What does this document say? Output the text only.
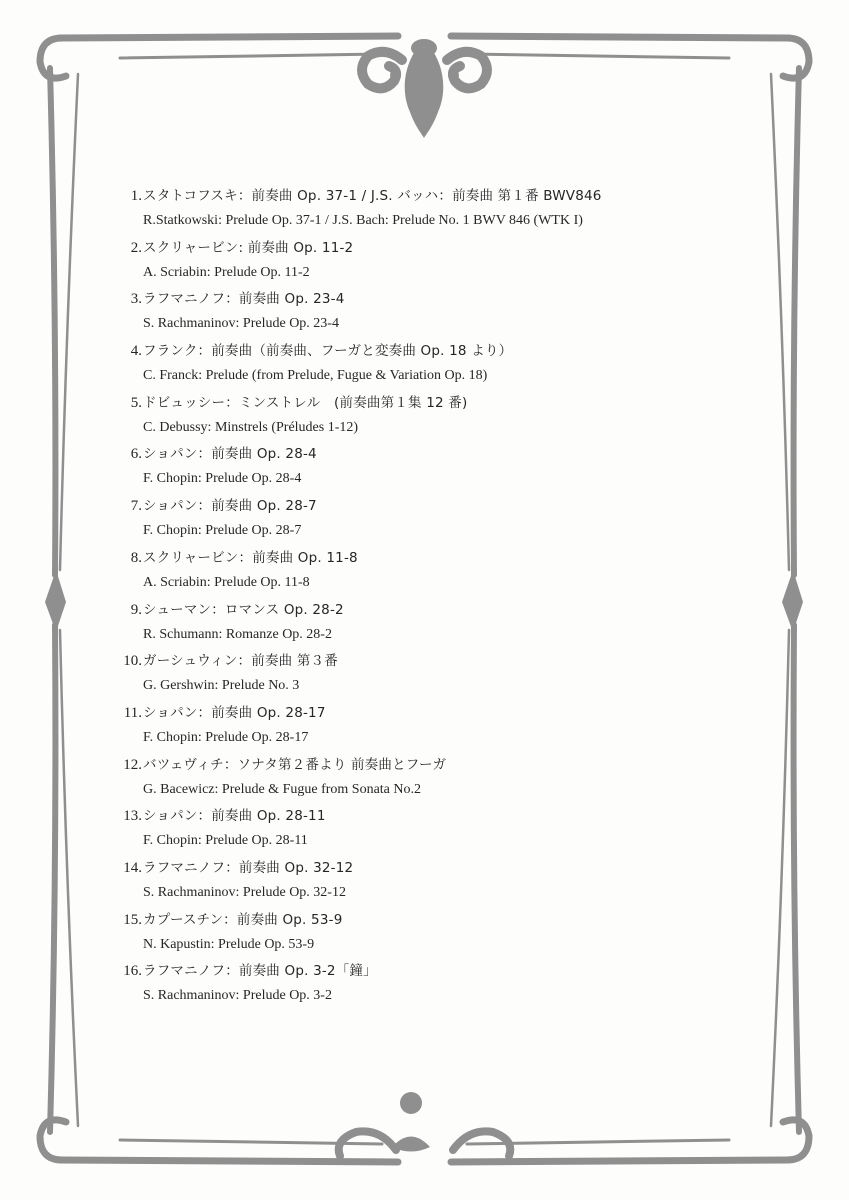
1. スタトコフスキ：前奏曲 Op. 37-1 / J.S. バッハ：前奏曲 第１番 BWV846
R.Statkowski: Prelude Op. 37-1 / J.S. Bach: Prelude No. 1 BWV 846 (WTK I)
2. スクリャービン: 前奏曲 Op. 11-2
A. Scriabin: Prelude Op. 11-2
3. ラフマニノフ：前奏曲 Op. 23-4
S. Rachmaninov: Prelude Op. 23-4
4. フランク：前奏曲（前奏曲、フーガと変奏曲 Op. 18 より）
C. Franck: Prelude (from Prelude, Fugue & Variation Op. 18)
5. ドビュッシー：ミンストレル　(前奏曲第１集 12 番)
C. Debussy: Minstrels (Préludes 1-12)
6. ショパン：前奏曲 Op. 28-4
F. Chopin: Prelude Op. 28-4
7. ショパン：前奏曲 Op. 28-7
F. Chopin: Prelude Op. 28-7
8. スクリャービン：前奏曲 Op. 11-8
A. Scriabin: Prelude Op. 11-8
9. シューマン：ロマンス Op. 28-2
R. Schumann: Romanze Op. 28-2
10. ガーシュウィン：前奏曲 第３番
G. Gershwin: Prelude No. 3
11. ショパン：前奏曲 Op. 28-17
F. Chopin: Prelude Op. 28-17
12. バツェヴィチ：ソナタ第２番より 前奏曲とフーガ
G. Bacewicz: Prelude & Fugue from Sonata No.2
13. ショパン：前奏曲 Op. 28-11
F. Chopin: Prelude Op. 28-11
14. ラフマニノフ：前奏曲 Op. 32-12
S. Rachmaninov: Prelude Op. 32-12
15. カプースチン：前奏曲 Op. 53-9
N. Kapustin: Prelude Op. 53-9
16. ラフマニノフ：前奏曲 Op. 3-2「鐘」
S. Rachmaninov: Prelude Op. 3-2
